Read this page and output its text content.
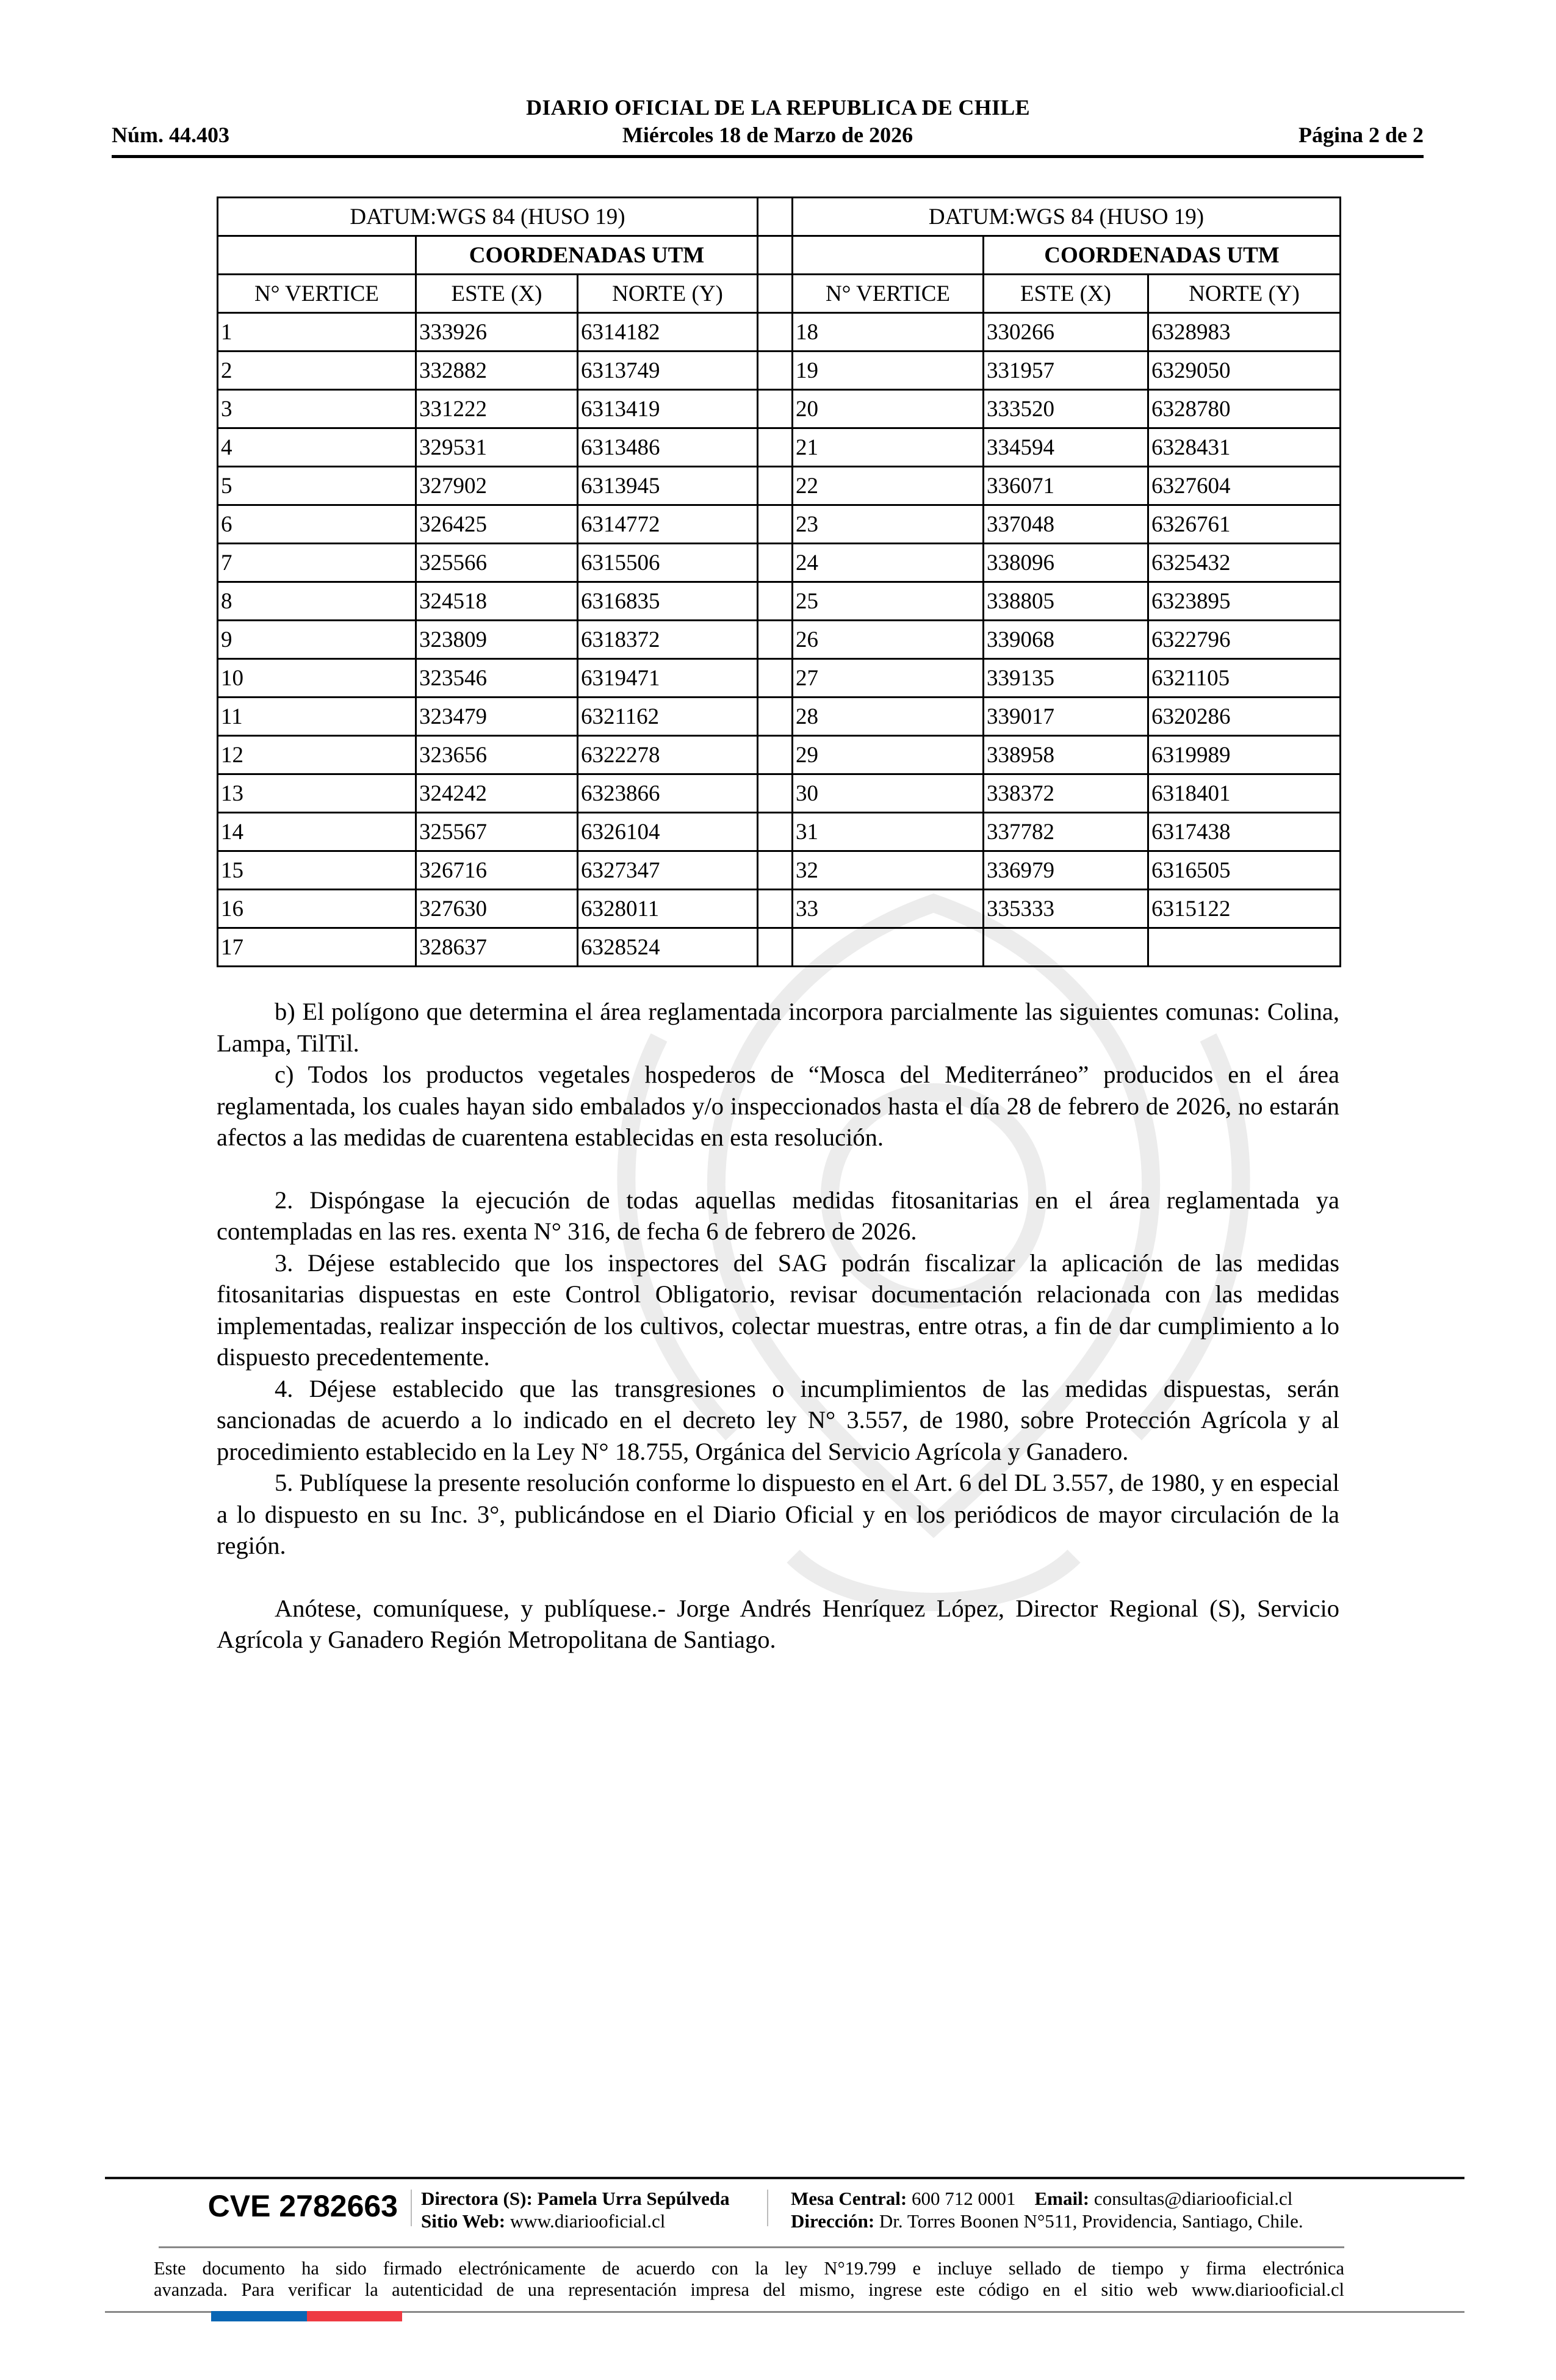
DIARIO OFICIAL DE LA REPUBLICA DE CHILE
Núm. 44.403	Miércoles 18 de Marzo de 2026	Página 2 de 2
DATUM:WGS 84 (HUSO 19)				DATUM:WGS 84 (HUSO 19)		
	COORDENADAS UTM				COORDENADAS UTM	
N° VERTICE	ESTE (X)	NORTE (Y)		N° VERTICE	ESTE (X)	NORTE (Y)
1	333926	6314182		18	330266	6328983
2	332882	6313749		19	331957	6329050
3	331222	6313419		20	333520	6328780
4	329531	6313486		21	334594	6328431
5	327902	6313945		22	336071	6327604
6	326425	6314772		23	337048	6326761
7	325566	6315506		24	338096	6325432
8	324518	6316835		25	338805	6323895
9	323809	6318372		26	339068	6322796
10	323546	6319471		27	339135	6321105
11	323479	6321162		28	339017	6320286
12	323656	6322278		29	338958	6319989
13	324242	6323866		30	338372	6318401
14	325567	6326104		31	337782	6317438
15	326716	6327347		32	336979	6316505
16	327630	6328011		33	335333	6315122
17	328637	6328524				

b) El polígono que determina el área reglamentada incorpora parcialmente las siguientes comunas: Colina, Lampa, TilTil.

c) Todos los productos vegetales hospederos de “Mosca del Mediterráneo” producidos en el área reglamentada, los cuales hayan sido embalados y/o inspeccionados hasta el día 28 de febrero de 2026, no estarán afectos a las medidas de cuarentena establecidas en esta resolución.

2. Dispóngase la ejecución de todas aquellas medidas fitosanitarias en el área reglamentada ya contempladas en las res. exenta N° 316, de fecha 6 de febrero de 2026.

3. Déjese establecido que los inspectores del SAG podrán fiscalizar la aplicación de las medidas fitosanitarias dispuestas en este Control Obligatorio, revisar documentación relacionada con las medidas implementadas, realizar inspección de los cultivos, colectar muestras, entre otras, a fin de dar cumplimiento a lo dispuesto precedentemente.

4. Déjese establecido que las transgresiones o incumplimientos de las medidas dispuestas, serán sancionadas de acuerdo a lo indicado en el decreto ley N° 3.557, de 1980, sobre Protección Agrícola y al procedimiento establecido en la Ley N° 18.755, Orgánica del Servicio Agrícola y Ganadero.

5. Publíquese la presente resolución conforme lo dispuesto en el Art. 6 del DL 3.557, de 1980, y en especial a lo dispuesto en su Inc. 3°, publicándose en el Diario Oficial y en los periódicos de mayor circulación de la región.

Anótese, comuníquese, y publíquese.- Jorge Andrés Henríquez López, Director Regional (S), Servicio Agrícola y Ganadero Región Metropolitana de Santiago.

CVE 2782663 Directora (S): Pamela Urra Sepúlveda
Sitio Web: www.diariooficial.cl
Mesa Central: 600 712 0001 Email: consultas@diariooficial.cl
Dirección: Dr. Torres Boonen N°511, Providencia, Santiago, Chile.
Este documento ha sido firmado electrónicamente de acuerdo con la ley N°19.799 e incluye sellado de tiempo y firma electrónica
avanzada. Para verificar la autenticidad de una representación impresa del mismo, ingrese este código en el sitio web www.diariooficial.cl
